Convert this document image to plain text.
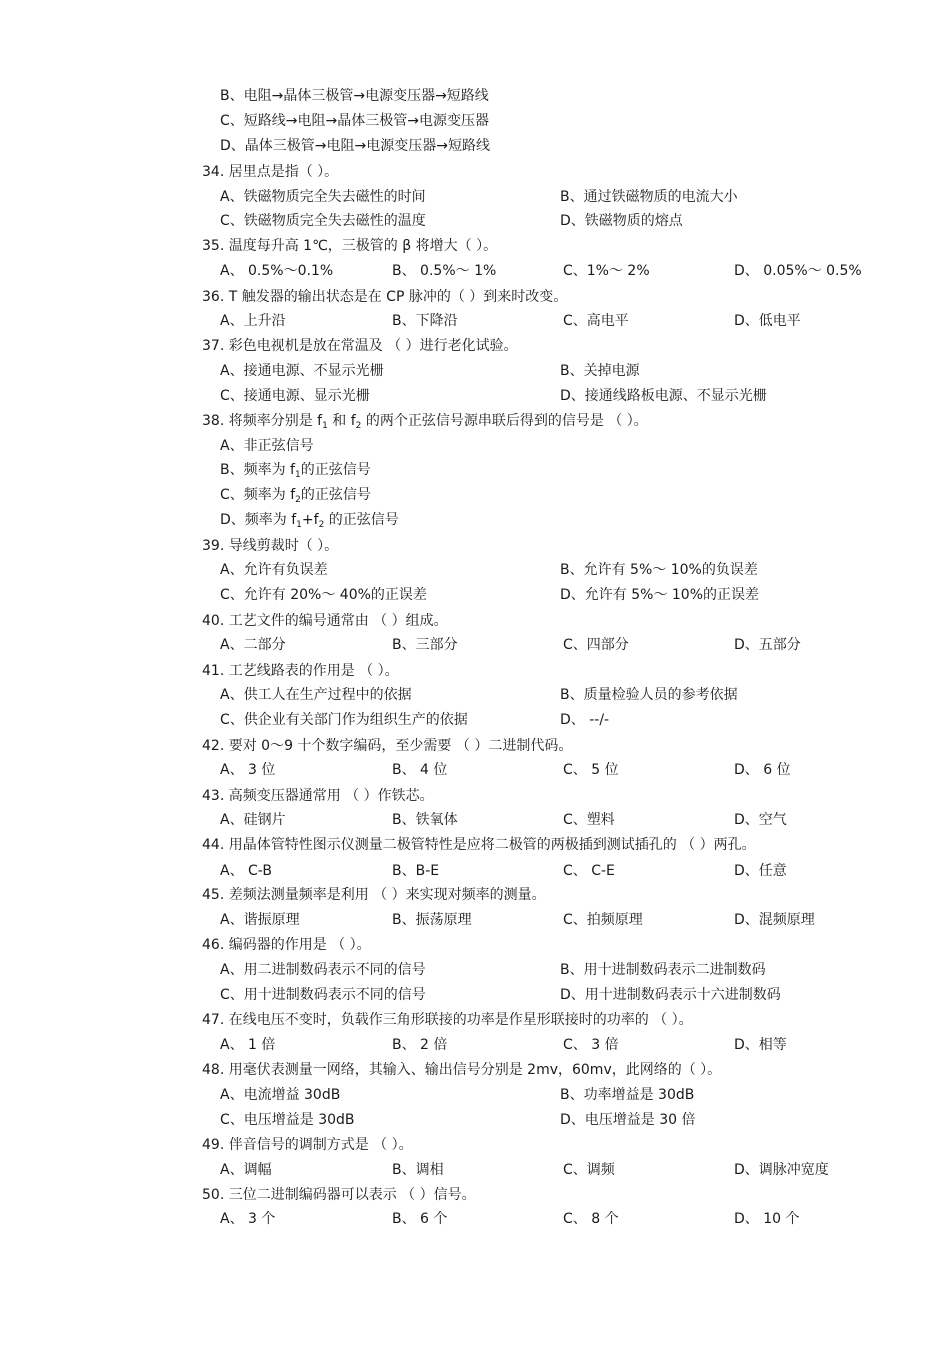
B、电阻→晶体三极管→电源变压器→短路线
C、短路线→电阻→晶体三极管→电源变压器
D、晶体三极管→电阻→电源变压器→短路线
34. 居里点是指（ ）。
A、铁磁物质完全失去磁性的时间	B、通过铁磁物质的电流大小
C、铁磁物质完全失去磁性的温度	D、铁磁物质的熔点
35. 温度每升高 1℃，三极管的 β 将增大（ ）。
A、 0.5%～0.1%	B、 0.5%～ 1%	C、1%～ 2%	D、 0.05%～ 0.5%
36. T 触发器的输出状态是在 CP 脉冲的（ ）到来时改变。
A、上升沿	B、下降沿	C、高电平	D、低电平
37. 彩色电视机是放在常温及 （ ）进行老化试验。
A、接通电源、不显示光栅	B、关掉电源
C、接通电源、显示光栅	D、接通线路板电源、不显示光栅
38. 将频率分别是 $f_1$ 和 $f_2$ 的两个正弦信号源串联后得到的信号是 （ ）。
A、非正弦信号
B、频率为 $f_1$的正弦信号
C、频率为 $f_2$的正弦信号
D、频率为 $f_1+f_2$ 的正弦信号
39. 导线剪裁时（ ）。
A、允许有负误差	B、允许有 5%～ 10%的负误差
C、允许有 20%～ 40%的正误差	D、允许有 5%～ 10%的正误差
40. 工艺文件的编号通常由 （ ）组成。
A、二部分	B、三部分	C、四部分	D、五部分
41. 工艺线路表的作用是 （ ）。
A、供工人在生产过程中的依据	B、质量检验人员的参考依据
C、供企业有关部门作为组织生产的依据	D、 --/-
42. 要对 0～9 十个数字编码，至少需要 （ ）二进制代码。
A、 3 位	B、 4 位	C、 5 位	D、 6 位
43. 高频变压器通常用 （ ）作铁芯。
A、硅钢片	B、铁氧体	C、塑料	D、空气
44. 用晶体管特性图示仪测量二极管特性是应将二极管的两极插到测试插孔的 （ ）两孔。
A、 C-B	B、B-E	C、 C-E	D、任意
45. 差频法测量频率是利用 （ ）来实现对频率的测量。
A、谐振原理	B、振荡原理	C、拍频原理	D、混频原理
46. 编码器的作用是 （ ）。
A、用二进制数码表示不同的信号	B、用十进制数码表示二进制数码
C、用十进制数码表示不同的信号	D、用十进制数码表示十六进制数码
47. 在线电压不变时，负载作三角形联接的功率是作星形联接时的功率的 （ ）。
A、 1 倍	B、 2 倍	C、 3 倍	D、相等
48. 用毫伏表测量一网络，其输入、输出信号分别是 2mv，60mv，此网络的（ ）。
A、电流增益 30dB	B、功率增益是 30dB
C、电压增益是 30dB	D、电压增益是 30 倍
49. 伴音信号的调制方式是 （ ）。
A、调幅	B、调相	C、调频	D、调脉冲宽度
50. 三位二进制编码器可以表示 （ ）信号。
A、 3 个	B、 6 个	C、 8 个	D、 10 个
